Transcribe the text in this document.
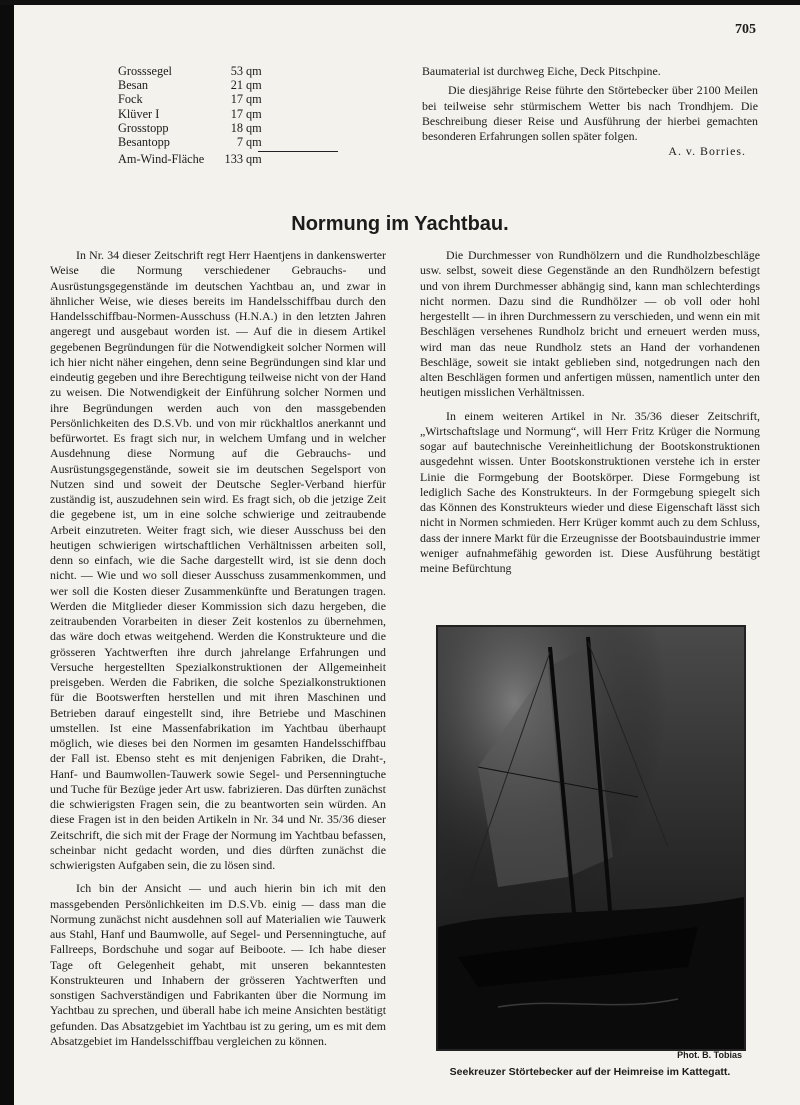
705
Grosssegel	53 qm
Besan	21 qm
Fock	17 qm
Klüver I	17 qm
Grosstopp	18 qm
Besantopp	7 qm
Am-Wind-Fläche 133 qm

Baumaterial ist durchweg Eiche, Deck Pitschpine.

Die diesjährige Reise führte den Störtebecker über 2100 Meilen bei teilweise sehr stürmischem Wetter bis nach Trondhjem. Die Beschreibung dieser Reise und Ausführung der hierbei gemachten besonderen Erfahrungen sollen später folgen.

A. v. Borries.
Normung im Yachtbau.

In Nr. 34 dieser Zeitschrift regt Herr Haentjens in dankenswerter Weise die Normung verschiedener Gebrauchs- und Ausrüstungsgegenstände im deutschen Yachtbau an, und zwar in ähnlicher Weise, wie dieses bereits im Handelsschiffbau durch den Handelsschiffbau-Normen-Ausschuss (H.N.A.) in den letzten Jahren angeregt und ausgebaut worden ist. — Auf die in diesem Artikel gegebenen Begründungen für die Notwendigkeit solcher Normen will ich hier nicht näher eingehen, denn seine Begründungen sind klar und eindeutig gegeben und ihre Berechtigung teilweise nicht von der Hand zu weisen. Die Notwendigkeit der Einführung solcher Normen und ihre Begründungen werden auch von den massgebenden Persönlichkeiten des D.S.Vb. und von mir rückhaltlos anerkannt und befürwortet. Es fragt sich nur, in welchem Umfang und in welcher Ausdehnung diese Normung auf die Gebrauchs- und Ausrüstungsgegenstände, soweit sie im deutschen Segelsport von Nutzen sind und soweit der Deutsche Segler-Verband hierfür zuständig ist, auszudehnen sein wird. Es fragt sich, ob die jetzige Zeit die gegebene ist, um in eine solche schwierige und zeitraubende Arbeit einzutreten. Weiter fragt sich, wie dieser Ausschuss bei den heutigen schwierigen wirtschaftlichen Verhältnissen arbeiten soll, denn so einfach, wie die Sache dargestellt wird, ist sie denn doch nicht. — Wie und wo soll dieser Ausschuss zusammenkommen, und wer soll die Kosten dieser Zusammenkünfte und Beratungen tragen. Werden die Mitglieder dieser Kommission sich dazu hergeben, die zeitraubenden Vorarbeiten in dieser Zeit kostenlos zu übernehmen, das wäre doch etwas weitgehend. Werden die Konstrukteure und die grösseren Yachtwerften ihre durch jahrelange Erfahrungen und Versuche hergestellten Spezialkonstruktionen der Allgemeinheit preisgeben. Werden die Fabriken, die solche Spezialkonstruktionen für die Bootswerften herstellen und mit ihren Maschinen und Betrieben darauf eingestellt sind, ihre Betriebe und Maschinen umstellen. Ist eine Massenfabrikation im Yachtbau überhaupt möglich, wie dieses bei den Normen im gesamten Handelsschiffbau der Fall ist. Ebenso steht es mit denjenigen Fabriken, die Draht-, Hanf- und Baumwollen-Tauwerk sowie Segel- und Persenningtuche und Tuche für Bezüge jeder Art usw. fabrizieren. Das dürften zunächst die schwierigsten Fragen sein, die zu beantworten sein würden. An diese Fragen ist in den beiden Artikeln in Nr. 34 und Nr. 35/36 dieser Zeitschrift, die sich mit der Frage der Normung im Yachtbau befassen, scheinbar nicht gedacht worden, und dies dürften zunächst die schwierigsten Aufgaben sein, die zu lösen sind.

Ich bin der Ansicht — und auch hierin bin ich mit den massgebenden Persönlichkeiten im D.S.Vb. einig — dass man die Normung zunächst nicht ausdehnen soll auf Materialien wie Tauwerk aus Stahl, Hanf und Baumwolle, auf Segel- und Persenningtuche, auf Fallreeps, Bordschuhe und sogar auf Beiboote. — Ich habe dieser Tage oft Gelegenheit gehabt, mit unseren bekanntesten Konstrukteuren und Inhabern der grösseren Yachtwerften und sonstigen Sachverständigen und Fabrikanten über die Normung im Yachtbau zu sprechen, und überall habe ich meine Ansichten bestätigt gefunden. Das Absatzgebiet im Yachtbau ist zu gering, um es mit dem Absatzgebiet im Handelsschiffbau vergleichen zu können.

Die Durchmesser von Rundhölzern und die Rundholzbeschläge usw. selbst, soweit diese Gegenstände an den Rundhölzern befestigt und von ihrem Durchmesser abhängig sind, kann man schlechterdings nicht normen. Dazu sind die Rundhölzer — ob voll oder hohl hergestellt — in ihren Durchmessern zu verschieden, und wenn ein mit Beschlägen versehenes Rundholz bricht und erneuert werden muss, wird man das neue Rundholz stets an Hand der vorhandenen Beschläge, soweit sie intakt geblieben sind, notgedrungen nach den alten Beschlägen formen und anfertigen müssen, namentlich unter den heutigen misslichen Verhältnissen.

In einem weiteren Artikel in Nr. 35/36 dieser Zeitschrift, „Wirtschaftslage und Normung“, will Herr Fritz Krüger die Normung sogar auf bautechnische Vereinheitlichung der Bootskonstruktionen ausgedehnt wissen. Unter Bootskonstruktionen verstehe ich in erster Linie die Formgebung der Bootskörper. Diese Formgebung ist lediglich Sache des Konstrukteurs. In der Formgebung spiegelt sich das Können des Konstrukteurs wieder und diese Eigenschaft lässt sich nicht in Normen schmieden. Herr Krüger kommt auch zu dem Schluss, dass der innere Markt für die Erzeugnisse der Bootsbauindustrie immer weniger aufnahmefähig geworden ist. Diese Ausführung bestätigt meine Befürchtung

Phot. B. Tobias
Seekreuzer Störtebecker auf der Heimreise im Kattegatt.
